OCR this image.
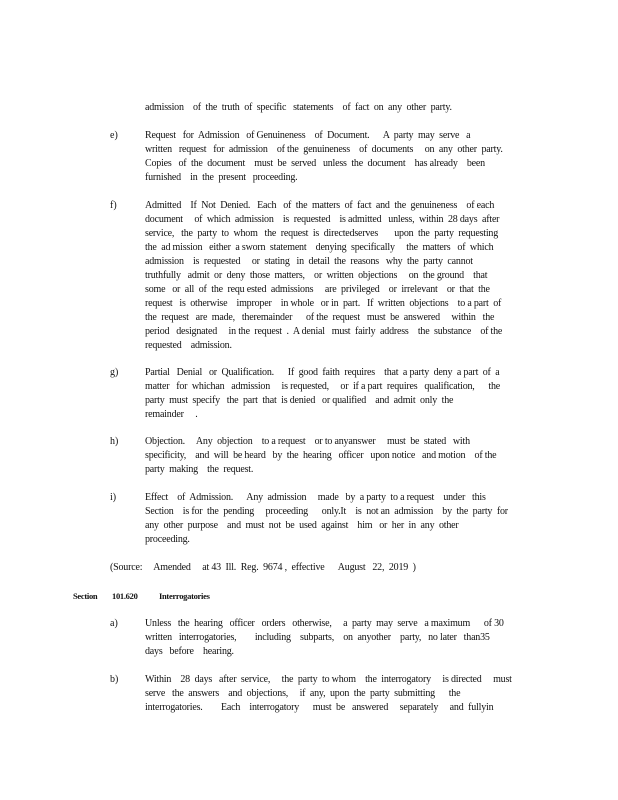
admission    of  the  truth  of  specific   statements    of  fact  on  any  other  party.

e)	Request   for  Admission   of Genuineness    of  Document.      A  party  may  serve   a

written   request   for  admission    of the  genuineness    of  documents     on  any  other  party.

Copies   of  the  document    must  be  served   unless  the  document    has already    been

furnished    in  the  present   proceeding.

f)	Admitted    If  Not  Denied.   Each   of  the  matters  of  fact  and  the  genuineness    of each

document     of  which  admission    is  requested    is admitted   unless,  within  28 days  after

service,   the  party  to  whom   the  request  is  directedserves       upon  the  party  requesting

the  ad mission   either  a sworn  statement    denying  specifically     the  matters   of  which

admission    is  requested     or  stating   in  detail  the  reasons   why  the  party  cannot

truthfully   admit  or  deny  those  matters,    or  written  objections     on  the ground    that

some   or  all  of  the  requ ested  admissions     are  privileged    or  irrelevant    or  that  the

request   is  otherwise    improper    in whole   or in  part.   If  written  objections    to a part  of

the  request   are  made,   theremainder      of the  request   must  be  answered     within   the

period   designated     in the  request  .  A denial   must  fairly  address    the  substance    of the

requested    admission.

g)	Partial   Denial   or  Qualification.      If  good  faith  requires    that  a party  deny  a part  of  a

matter   for  whichan   admission     is requested,     or  if a part  requires   qualification,      the

party  must  specify   the  part  that  is denied   or qualified    and  admit  only  the

remainder     .

h)	Objection.     Any  objection    to a request    or to anyanswer     must  be  stated   with

specificity,    and  will  be heard   by  the  hearing   officer   upon notice   and motion    of the

party  making    the  request.

i)	Effect    of  Admission.      Any  admission     made   by  a party  to a request    under   this

Section    is for  the  pending     proceeding      only.It    is  not an  admission    by  the  party  for

any  other  purpose    and  must  not  be  used  against    him   or  her  in  any  other

proceeding.

(Source:     Amended     at 43  Ill.  Reg.  9674 ,  effective      August   22,  2019  )

Section 101.620	Interrogatories

a)	Unless   the  hearing   officer   orders   otherwise,     a  party  may  serve   a maximum      of 30

written   interrogatories,        including    subparts,    on  anyother    party,   no later   than35

days   before    hearing.

b)	Within    28  days   after  service,     the  party  to whom    the  interrogatory     is directed     must

serve   the  answers    and  objections,     if  any,  upon  the  party  submitting      the

interrogatories.        Each    interrogatory      must  be   answered     separately     and  fullyin
